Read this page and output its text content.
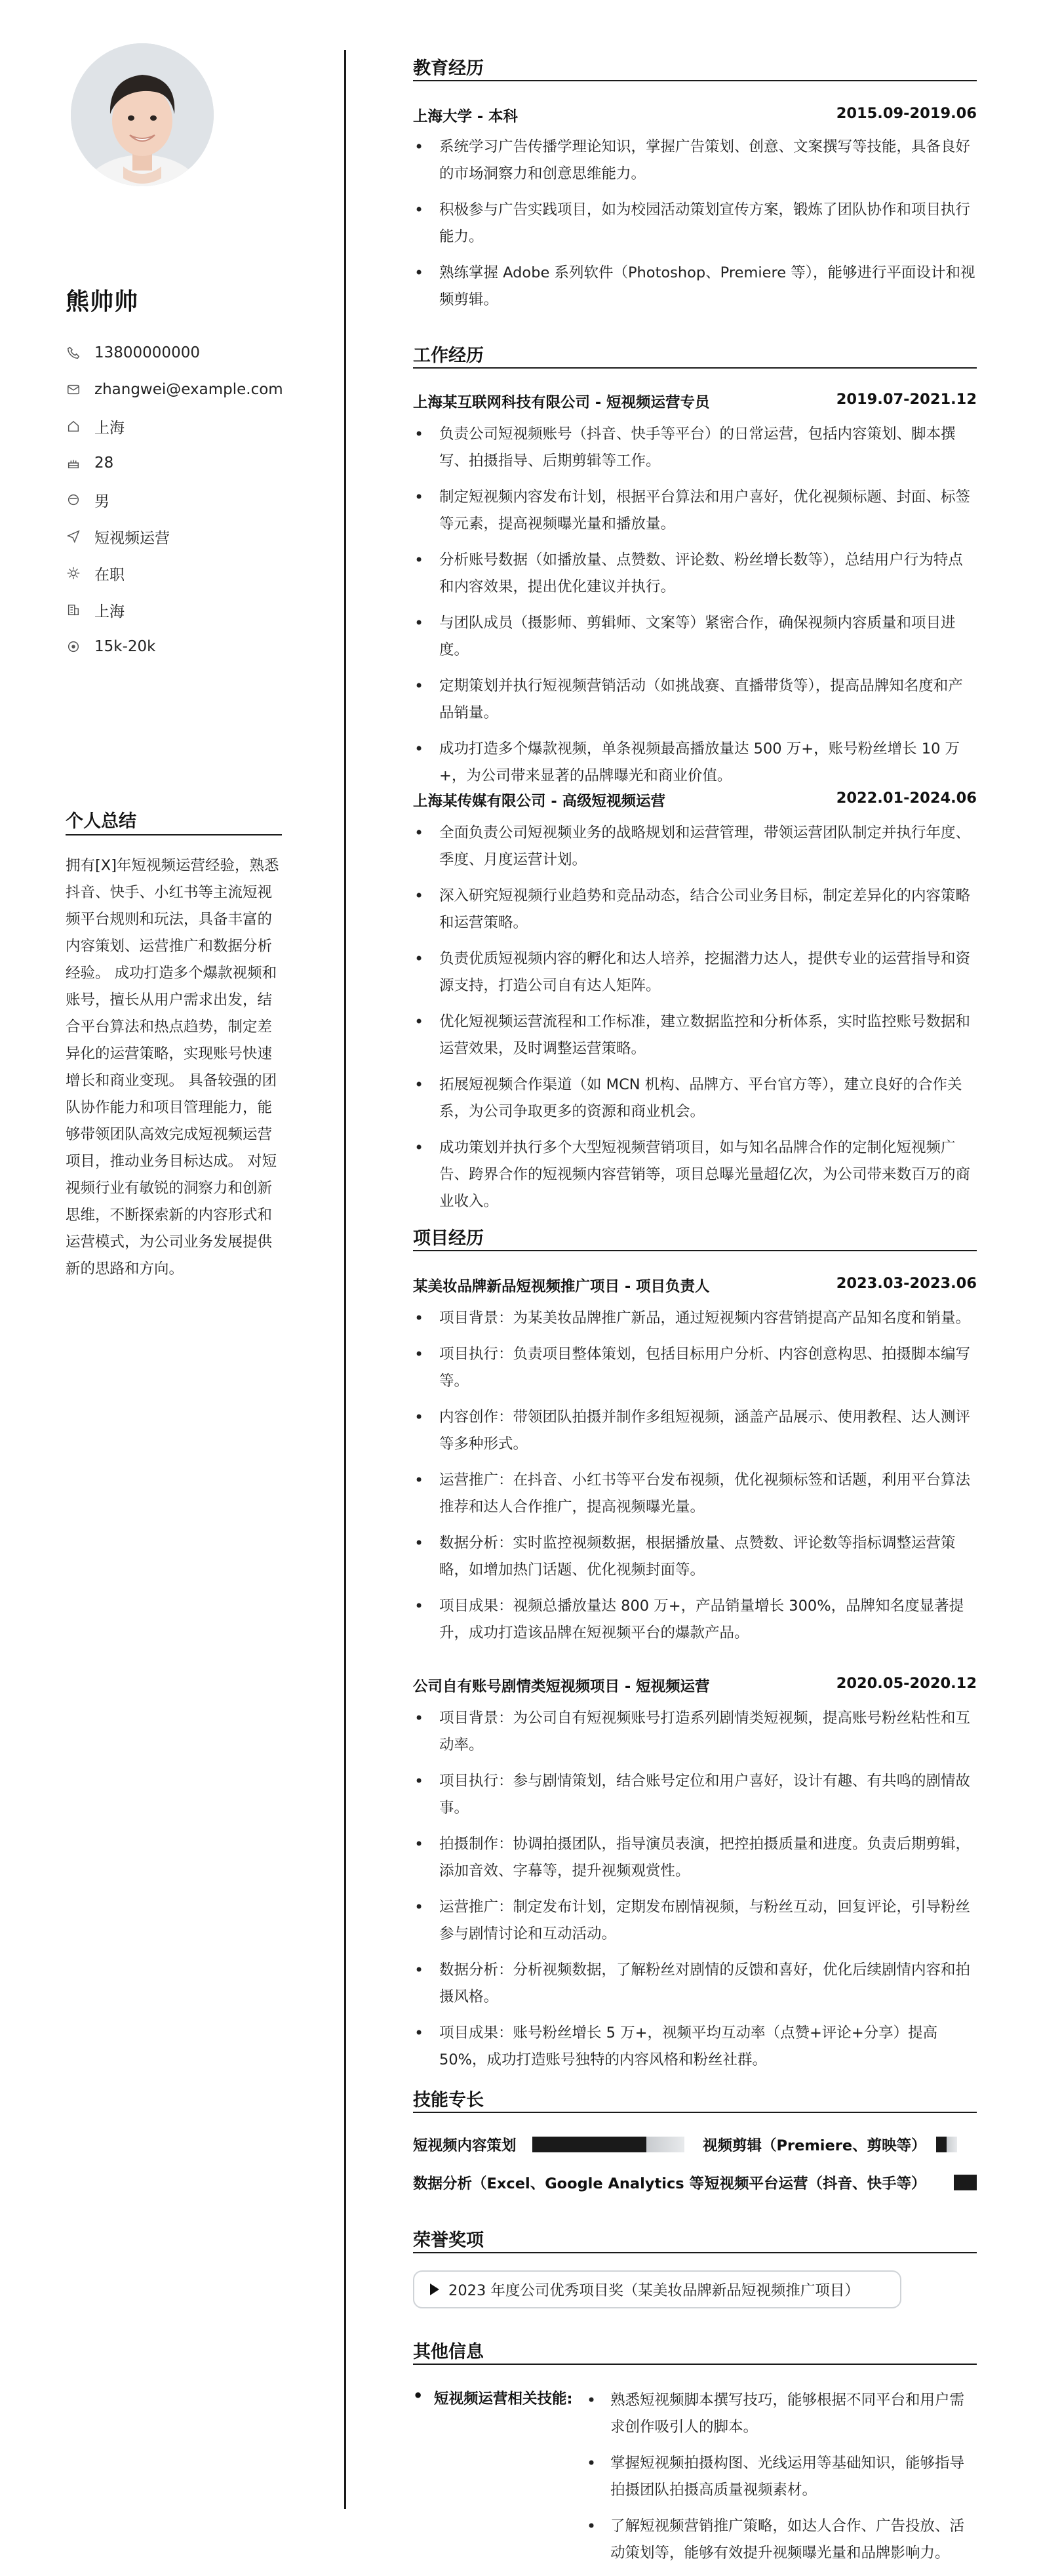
熊帅帅
13800000000
zhangwei@example.com
上海
28
男
短视频运营
在职
上海
15k-20k
个人总结
拥有[X]年短视频运营经验，熟悉抖音、快手、小红书等主流短视频平台规则和玩法，具备丰富的内容策划、运营推广和数据分析经验。 成功打造多个爆款视频和账号，擅长从用户需求出发，结合平台算法和热点趋势，制定差异化的运营策略，实现账号快速增长和商业变现。 具备较强的团队协作能力和项目管理能力，能够带领团队高效完成短视频运营项目，推动业务目标达成。 对短视频行业有敏锐的洞察力和创新思维，不断探索新的内容形式和运营模式，为公司业务发展提供新的思路和方向。
教育经历
上海大学 - 本科	2015.09-2019.06
• 系统学习广告传播学理论知识，掌握广告策划、创意、文案撰写等技能，具备良好的市场洞察力和创意思维能力。
• 积极参与广告实践项目，如为校园活动策划宣传方案，锻炼了团队协作和项目执行能力。
• 熟练掌握 Adobe 系列软件（Photoshop、Premiere 等），能够进行平面设计和视频剪辑。
工作经历
上海某互联网科技有限公司 - 短视频运营专员	2019.07-2021.12
• 负责公司短视频账号（抖音、快手等平台）的日常运营，包括内容策划、脚本撰写、拍摄指导、后期剪辑等工作。
• 制定短视频内容发布计划，根据平台算法和用户喜好，优化视频标题、封面、标签等元素，提高视频曝光量和播放量。
• 分析账号数据（如播放量、点赞数、评论数、粉丝增长数等），总结用户行为特点和内容效果，提出优化建议并执行。
• 与团队成员（摄影师、剪辑师、文案等）紧密合作，确保视频内容质量和项目进度。
• 定期策划并执行短视频营销活动（如挑战赛、直播带货等），提高品牌知名度和产品销量。
• 成功打造多个爆款视频，单条视频最高播放量达 500 万+，账号粉丝增长 10 万+，为公司带来显著的品牌曝光和商业价值。
上海某传媒有限公司 - 高级短视频运营	2022.01-2024.06
• 全面负责公司短视频业务的战略规划和运营管理，带领运营团队制定并执行年度、季度、月度运营计划。
• 深入研究短视频行业趋势和竞品动态，结合公司业务目标，制定差异化的内容策略和运营策略。
• 负责优质短视频内容的孵化和达人培养，挖掘潜力达人，提供专业的运营指导和资源支持，打造公司自有达人矩阵。
• 优化短视频运营流程和工作标准，建立数据监控和分析体系，实时监控账号数据和运营效果，及时调整运营策略。
• 拓展短视频合作渠道（如 MCN 机构、品牌方、平台官方等），建立良好的合作关系，为公司争取更多的资源和商业机会。
• 成功策划并执行多个大型短视频营销项目，如与知名品牌合作的定制化短视频广告、跨界合作的短视频内容营销等，项目总曝光量超亿次，为公司带来数百万的商业收入。
项目经历
某美妆品牌新品短视频推广项目 - 项目负责人	2023.03-2023.06
• 项目背景：为某美妆品牌推广新品，通过短视频内容营销提高产品知名度和销量。
• 项目执行：负责项目整体策划，包括目标用户分析、内容创意构思、拍摄脚本编写等。
• 内容创作：带领团队拍摄并制作多组短视频，涵盖产品展示、使用教程、达人测评等多种形式。
• 运营推广：在抖音、小红书等平台发布视频，优化视频标签和话题，利用平台算法推荐和达人合作推广，提高视频曝光量。
• 数据分析：实时监控视频数据，根据播放量、点赞数、评论数等指标调整运营策略，如增加热门话题、优化视频封面等。
• 项目成果：视频总播放量达 800 万+，产品销量增长 300%，品牌知名度显著提升，成功打造该品牌在短视频平台的爆款产品。
公司自有账号剧情类短视频项目 - 短视频运营	2020.05-2020.12
• 项目背景：为公司自有短视频账号打造系列剧情类短视频，提高账号粉丝粘性和互动率。
• 项目执行：参与剧情策划，结合账号定位和用户喜好，设计有趣、有共鸣的剧情故事。
• 拍摄制作：协调拍摄团队，指导演员表演，把控拍摄质量和进度。负责后期剪辑，添加音效、字幕等，提升视频观赏性。
• 运营推广：制定发布计划，定期发布剧情视频，与粉丝互动，回复评论，引导粉丝参与剧情讨论和互动活动。
• 数据分析：分析视频数据，了解粉丝对剧情的反馈和喜好，优化后续剧情内容和拍摄风格。
• 项目成果：账号粉丝增长 5 万+，视频平均互动率（点赞+评论+分享）提高 50%，成功打造账号独特的内容风格和粉丝社群。
技能专长
短视频内容策划	视频剪辑（Premiere、剪映等）
数据分析（Excel、Google Analytics 等）
短视频平台运营（抖音、快手等）
荣誉奖项
2023 年度公司优秀项目奖（某美妆品牌新品短视频推广项目）
其他信息
• 短视频运营相关技能:
•	熟悉短视频脚本撰写技巧，能够根据不同平台和用户需求创作吸引人的脚本。
• 掌握短视频拍摄构图、光线运用等基础知识，能够指导拍摄团队拍摄高质量视频素材。
• 了解短视频营销推广策略，如达人合作、广告投放、活动策划等，能够有效提升视频曝光量和品牌影响力。
